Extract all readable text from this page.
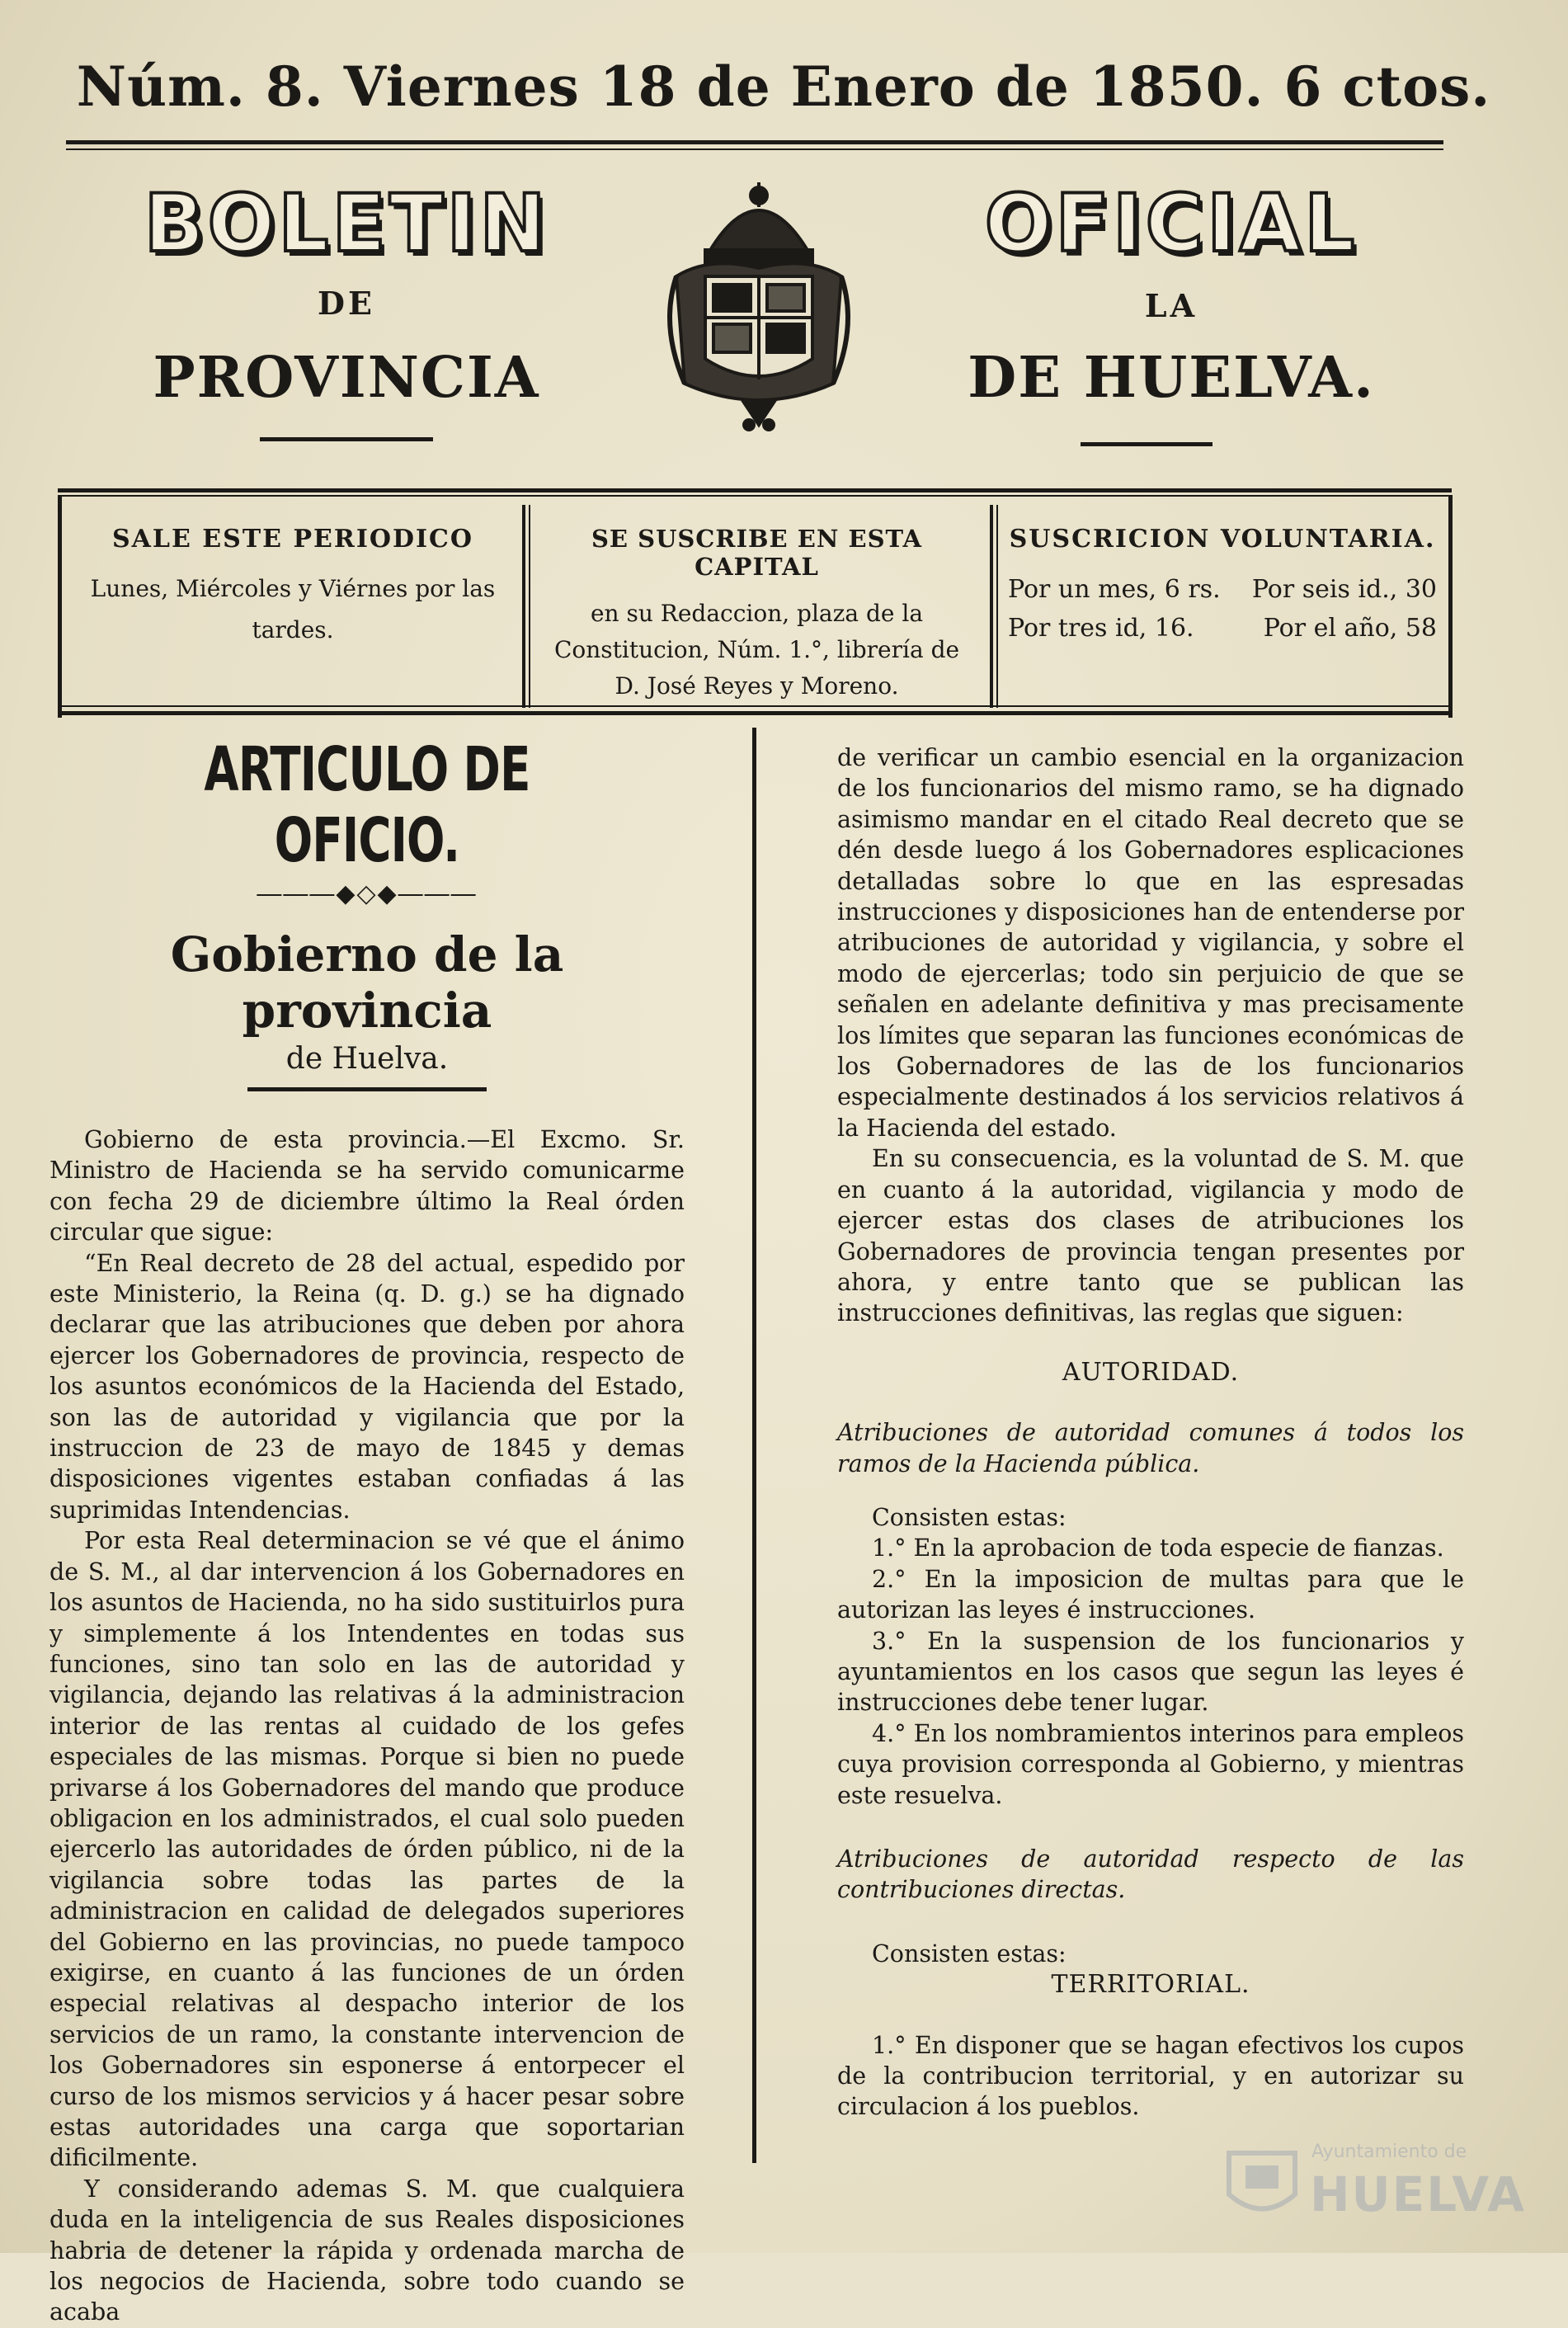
Núm. 8. Viernes 18 de Enero de 1850. 6 ctos.
BOLETIN	OFICIAL
DE	LA
PROVINCIA	DE HUELVA.
SALE ESTE PERIODICO
Lunes, Miércoles y Viérnes por las tardes.
SE SUSCRIBE EN ESTA CAPITAL
en su Redaccion, plaza de la Constitucion, Núm. 1.°, librería de D. José Reyes y Moreno.
SUSCRICION VOLUNTARIA.
Por un mes, 6 rs. Por seis id., 30
Por tres id, 16.	Por el año, 58
ARTICULO DE OFICIO.
―――◆◇◆―――
Gobierno de la provincia
de Huelva.

Gobierno de esta provincia.—El Excmo. Sr. Ministro de Hacienda se ha servido comunicarme con fecha 29 de diciembre último la Real órden circular que sigue:

“En Real decreto de 28 del actual, espedido por este Ministerio, la Reina (q. D. g.) se ha dignado declarar que las atribuciones que deben por ahora ejercer los Gobernadores de provincia, respecto de los asuntos económicos de la Hacienda del Estado, son las de autoridad y vigilancia que por la instruccion de 23 de mayo de 1845 y demas disposiciones vigentes estaban confiadas á las suprimidas Intendencias.

Por esta Real determinacion se vé que el ánimo de S. M., al dar intervencion á los Gobernadores en los asuntos de Hacienda, no ha sido sustituirlos pura y simplemente á los Intendentes en todas sus funciones, sino tan solo en las de autoridad y vigilancia, dejando las relativas á la administracion interior de las rentas al cuidado de los gefes especiales de las mismas. Porque si bien no puede privarse á los Gobernadores del mando que produce obligacion en los administrados, el cual solo pueden ejercerlo las autoridades de órden público, ni de la vigilancia sobre todas las partes de la administracion en calidad de delegados superiores del Gobierno en las provincias, no puede tampoco exigirse, en cuanto á las funciones de un órden especial relativas al despacho interior de los servicios de un ramo, la constante intervencion de los Gobernadores sin esponerse á entorpecer el curso de los mismos servicios y á hacer pesar sobre estas autoridades una carga que soportarian dificilmente.

Y considerando ademas S. M. que cualquiera duda en la inteligencia de sus Reales disposiciones habria de detener la rápida y ordenada marcha de los negocios de Hacienda, sobre todo cuando se acaba

de verificar un cambio esencial en la organizacion de los funcionarios del mismo ramo, se ha dignado asimismo mandar en el citado Real decreto que se dén desde luego á los Gobernadores esplicaciones detalladas sobre lo que en las espresadas instrucciones y disposiciones han de entenderse por atribuciones de autoridad y vigilancia, y sobre el modo de ejercerlas; todo sin perjuicio de que se señalen en adelante definitiva y mas precisamente los límites que separan las funciones económicas de los Gobernadores de las de los funcionarios especialmente destinados á los servicios relativos á la Hacienda del estado.

En su consecuencia, es la voluntad de S. M. que en cuanto á la autoridad, vigilancia y modo de ejercer estas dos clases de atribuciones los Gobernadores de provincia tengan presentes por ahora, y entre tanto que se publican las instrucciones definitivas, las reglas que siguen:

AUTORIDAD.

Atribuciones de autoridad comunes á todos los ramos de la Hacienda pública.

Consisten estas:

1.° En la aprobacion de toda especie de fianzas.

2.° En la imposicion de multas para que le autorizan las leyes é instrucciones.

3.° En la suspension de los funcionarios y ayuntamientos en los casos que segun las leyes é instrucciones debe tener lugar.

4.° En los nombramientos interinos para empleos cuya provision corresponda al Gobierno, y mientras este resuelva.

Atribuciones de autoridad respecto de las contribuciones directas.

Consisten estas:

TERRITORIAL.

1.° En disponer que se hagan efectivos los cupos de la contribucion territorial, y en autorizar su circulacion á los pueblos.

Ayuntamiento de
HUELVA
